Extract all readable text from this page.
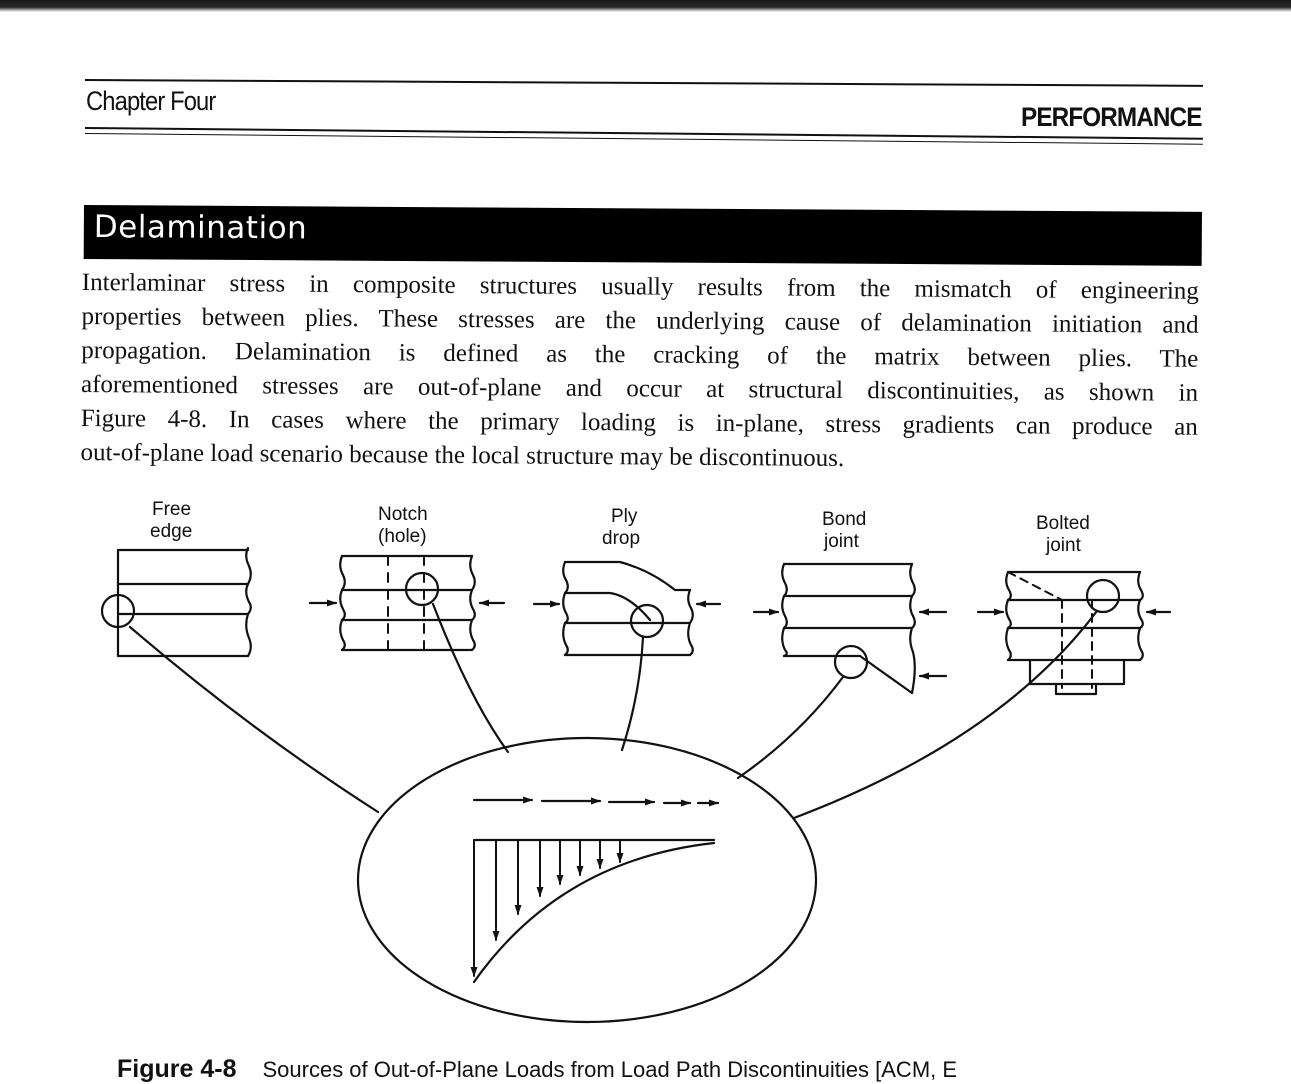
Chapter Four
PERFORMANCE
Delamination
Interlaminar stress in composite structures usually results from the mismatch of engineering
properties between plies. These stresses are the underlying cause of delamination initiation and
propagation. Delamination is defined as the cracking of the matrix between plies. The
aforementioned stresses are out-of-plane and occur at structural discontinuities, as shown in
Figure 4-8. In cases where the primary loading is in-plane, stress gradients can produce an
out-of-plane load scenario because the local structure may be discontinuous.
Free
edge
Notch
(hole)
Ply
drop
Bond
joint
Bolted
joint
Figure 4-8 Sources of Out-of-Plane Loads from Load Path Discontinuities [ACM, E
